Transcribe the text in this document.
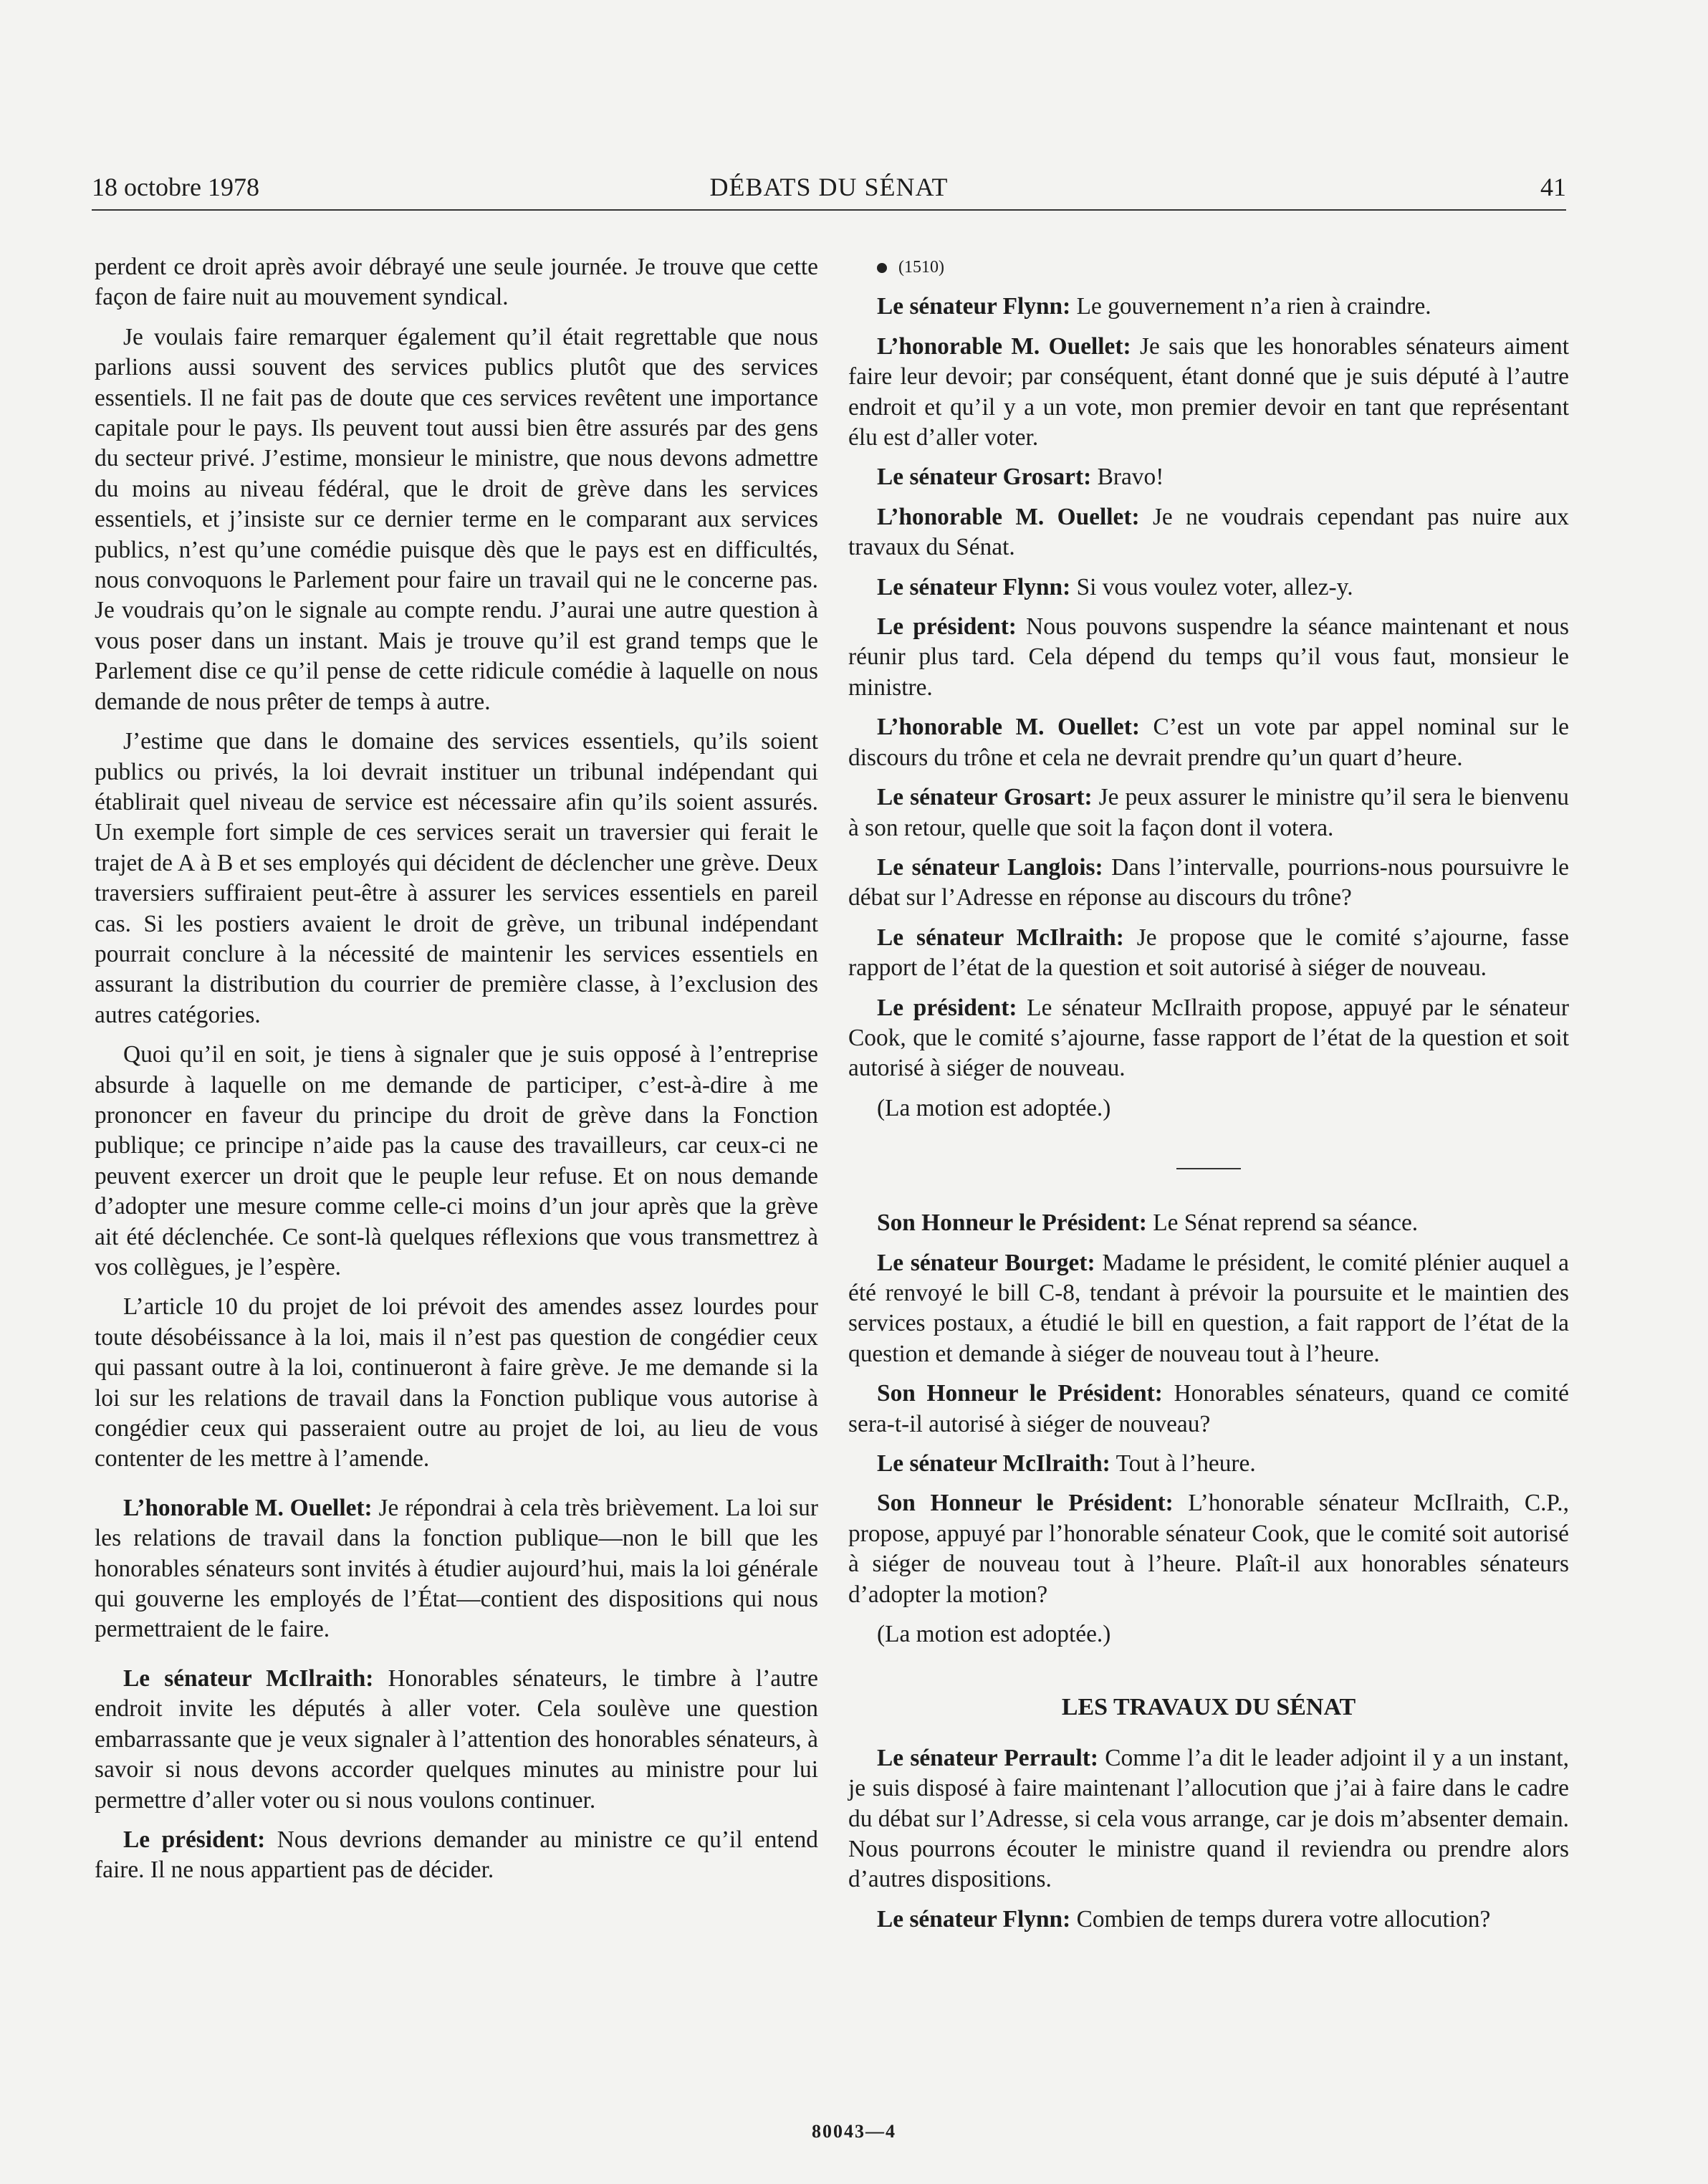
18 octobre 1978	DÉBATS DU SÉNAT	41

perdent ce droit après avoir débrayé une seule journée. Je trouve que cette façon de faire nuit au mouvement syndical.

Je voulais faire remarquer également qu’il était regrettable que nous parlions aussi souvent des services publics plutôt que des services essentiels. Il ne fait pas de doute que ces services revêtent une importance capitale pour le pays. Ils peuvent tout aussi bien être assurés par des gens du secteur privé. J’estime, monsieur le ministre, que nous devons admettre du moins au niveau fédéral, que le droit de grève dans les services essentiels, et j’insiste sur ce dernier terme en le comparant aux services publics, n’est qu’une comédie puisque dès que le pays est en difficultés, nous convoquons le Parlement pour faire un travail qui ne le concerne pas. Je voudrais qu’on le signale au compte rendu. J’aurai une autre question à vous poser dans un instant. Mais je trouve qu’il est grand temps que le Parlement dise ce qu’il pense de cette ridicule comédie à laquelle on nous demande de nous prêter de temps à autre.

J’estime que dans le domaine des services essentiels, qu’ils soient publics ou privés, la loi devrait instituer un tribunal indépendant qui établirait quel niveau de service est nécessaire afin qu’ils soient assurés. Un exemple fort simple de ces services serait un traversier qui ferait le trajet de A à B et ses employés qui décident de déclencher une grève. Deux traversiers suffiraient peut-être à assurer les services essentiels en pareil cas. Si les postiers avaient le droit de grève, un tribunal indépendant pourrait conclure à la nécessité de maintenir les services essentiels en assurant la distribution du courrier de première classe, à l’exclusion des autres catégories.

Quoi qu’il en soit, je tiens à signaler que je suis opposé à l’entreprise absurde à laquelle on me demande de participer, c’est-à-dire à me prononcer en faveur du principe du droit de grève dans la Fonction publique; ce principe n’aide pas la cause des travailleurs, car ceux-ci ne peuvent exercer un droit que le peuple leur refuse. Et on nous demande d’adopter une mesure comme celle-ci moins d’un jour après que la grève ait été déclenchée. Ce sont-là quelques réflexions que vous transmettrez à vos collègues, je l’espère.

L’article 10 du projet de loi prévoit des amendes assez lourdes pour toute désobéissance à la loi, mais il n’est pas question de congédier ceux qui passant outre à la loi, continueront à faire grève. Je me demande si la loi sur les relations de travail dans la Fonction publique vous autorise à congédier ceux qui passeraient outre au projet de loi, au lieu de vous contenter de les mettre à l’amende.

L’honorable M. Ouellet: Je répondrai à cela très brièvement. La loi sur les relations de travail dans la fonction publique—non le bill que les honorables sénateurs sont invités à étudier aujourd’hui, mais la loi générale qui gouverne les employés de l’État—contient des dispositions qui nous permettraient de le faire.

Le sénateur McIlraith: Honorables sénateurs, le timbre à l’autre endroit invite les députés à aller voter. Cela soulève une question embarrassante que je veux signaler à l’attention des honorables sénateurs, à savoir si nous devons accorder quelques minutes au ministre pour lui permettre d’aller voter ou si nous voulons continuer.

Le président: Nous devrions demander au ministre ce qu’il entend faire. Il ne nous appartient pas de décider.

(1510)

Le sénateur Flynn: Le gouvernement n’a rien à craindre.

L’honorable M. Ouellet: Je sais que les honorables sénateurs aiment faire leur devoir; par conséquent, étant donné que je suis député à l’autre endroit et qu’il y a un vote, mon premier devoir en tant que représentant élu est d’aller voter.

Le sénateur Grosart: Bravo!

L’honorable M. Ouellet: Je ne voudrais cependant pas nuire aux travaux du Sénat.

Le sénateur Flynn: Si vous voulez voter, allez-y.

Le président: Nous pouvons suspendre la séance maintenant et nous réunir plus tard. Cela dépend du temps qu’il vous faut, monsieur le ministre.

L’honorable M. Ouellet: C’est un vote par appel nominal sur le discours du trône et cela ne devrait prendre qu’un quart d’heure.

Le sénateur Grosart: Je peux assurer le ministre qu’il sera le bienvenu à son retour, quelle que soit la façon dont il votera.

Le sénateur Langlois: Dans l’intervalle, pourrions-nous poursuivre le débat sur l’Adresse en réponse au discours du trône?

Le sénateur McIlraith: Je propose que le comité s’ajourne, fasse rapport de l’état de la question et soit autorisé à siéger de nouveau.

Le président: Le sénateur McIlraith propose, appuyé par le sénateur Cook, que le comité s’ajourne, fasse rapport de l’état de la question et soit autorisé à siéger de nouveau.

(La motion est adoptée.)

Son Honneur le Président: Le Sénat reprend sa séance.

Le sénateur Bourget: Madame le président, le comité plénier auquel a été renvoyé le bill C-8, tendant à prévoir la poursuite et le maintien des services postaux, a étudié le bill en question, a fait rapport de l’état de la question et demande à siéger de nouveau tout à l’heure.

Son Honneur le Président: Honorables sénateurs, quand ce comité sera-t-il autorisé à siéger de nouveau?

Le sénateur McIlraith: Tout à l’heure.

Son Honneur le Président: L’honorable sénateur McIlraith, C.P., propose, appuyé par l’honorable sénateur Cook, que le comité soit autorisé à siéger de nouveau tout à l’heure. Plaît-il aux honorables sénateurs d’adopter la motion?

(La motion est adoptée.)

LES TRAVAUX DU SÉNAT

Le sénateur Perrault: Comme l’a dit le leader adjoint il y a un instant, je suis disposé à faire maintenant l’allocution que j’ai à faire dans le cadre du débat sur l’Adresse, si cela vous arrange, car je dois m’absenter demain. Nous pourrons écouter le ministre quand il reviendra ou prendre alors d’autres dispositions.

Le sénateur Flynn: Combien de temps durera votre allocution?

80043—4
